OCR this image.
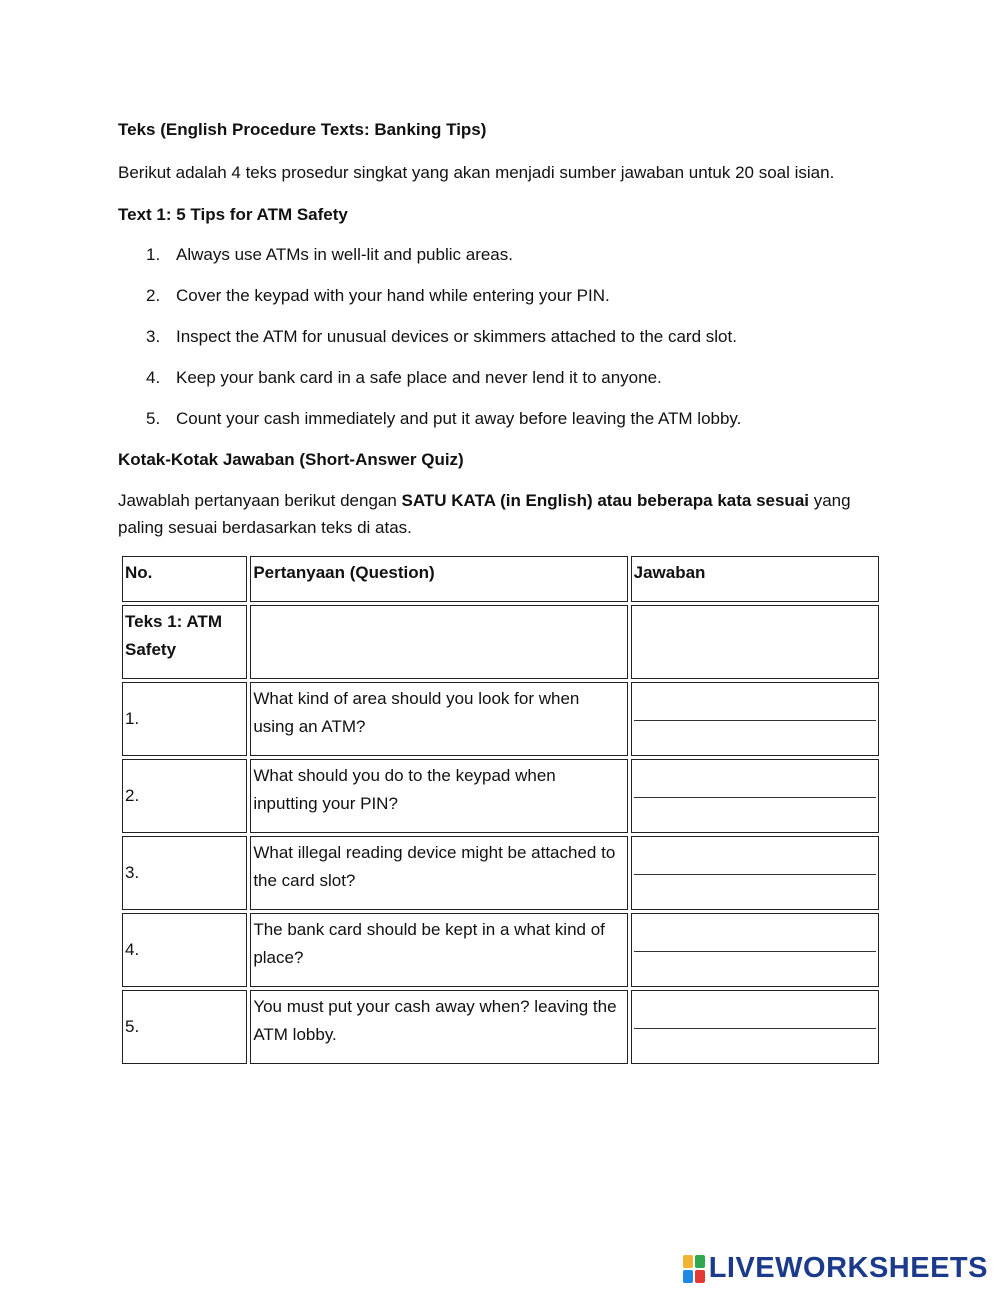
Teks (English Procedure Texts: Banking Tips)

Berikut adalah 4 teks prosedur singkat yang akan menjadi sumber jawaban untuk 20 soal isian.

Text 1: 5 Tips for ATM Safety

1. Always use ATMs in well-lit and public areas.
2. Cover the keypad with your hand while entering your PIN.
3. Inspect the ATM for unusual devices or skimmers attached to the card slot.
4. Keep your bank card in a safe place and never lend it to anyone.
5. Count your cash immediately and put it away before leaving the ATM lobby.

Kotak-Kotak Jawaban (Short-Answer Quiz)

Jawablah pertanyaan berikut dengan SATU KATA (in English) atau beberapa kata sesuai yang paling sesuai berdasarkan teks di atas.

No.	Pertanyaan (Question)	Jawaban
Teks 1: ATM Safety		
1.	What kind of area should you look for when using an ATM?	

2.	What should you do to the keypad when inputting your PIN?	

3.	What illegal reading device might be attached to the card slot?	

4.	The bank card should be kept in a what kind of place?	

5.	You must put your cash away when? leaving the ATM lobby.	
LIVEWORKSHEETS
